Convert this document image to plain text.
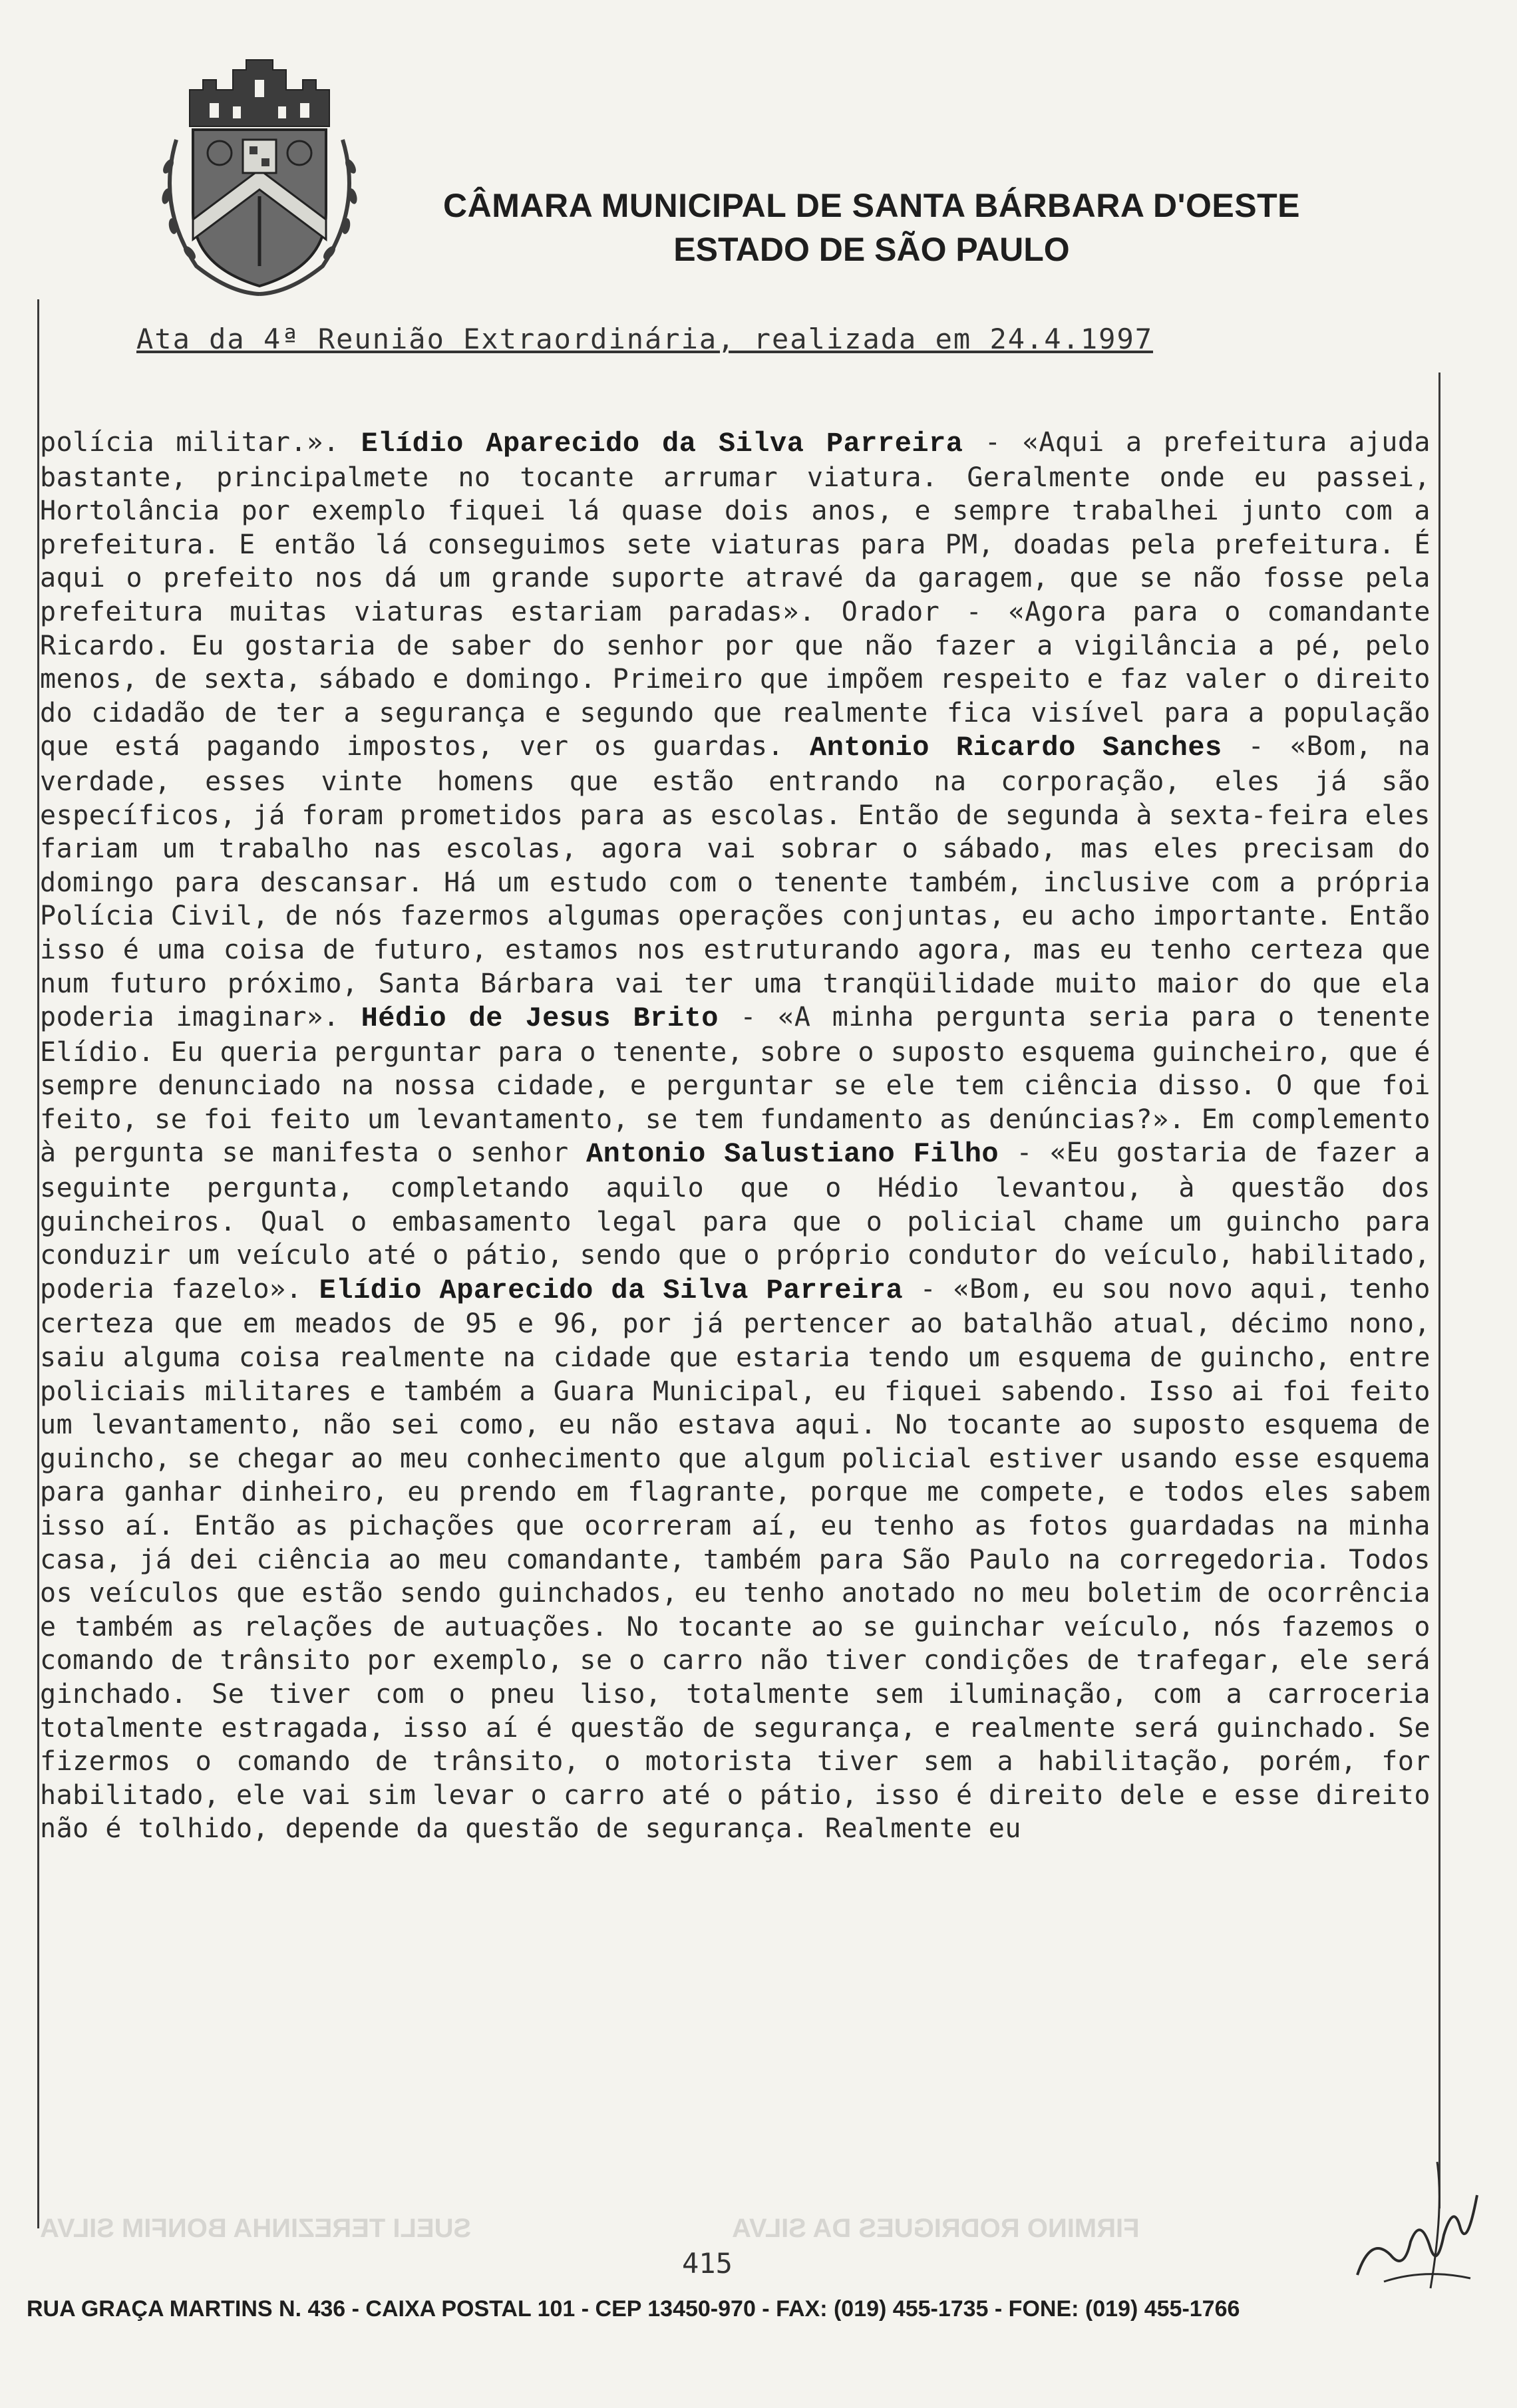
CÂMARA MUNICIPAL DE SANTA BÁRBARA D'OESTE
ESTADO DE SÃO PAULO
Ata da 4ª Reunião Extraordinária, realizada em 24.4.1997
polícia militar.». Elídio Aparecido da Silva Parreira - «Aqui a prefeitura ajuda bastante, principalmete no tocante arrumar viatura. Geralmente onde eu passei, Hortolância por exemplo fiquei lá quase dois anos, e sempre trabalhei junto com a prefeitura. E então lá conseguimos sete viaturas para PM, doadas pela prefeitura. É aqui o prefeito nos dá um grande suporte atravé da garagem, que se não fosse pela prefeitura muitas viaturas estariam paradas». Orador - «Agora para o comandante Ricardo. Eu gostaria de saber do senhor por que não fazer a vigilância a pé, pelo menos, de sexta, sábado e domingo. Primeiro que impõem respeito e faz valer o direito do cidadão de ter a segurança e segundo que realmente fica visível para a população que está pagando impostos, ver os guardas. Antonio Ricardo Sanches - «Bom, na verdade, esses vinte homens que estão entrando na corporação, eles já são específicos, já foram prometidos para as escolas. Então de segunda à sexta-feira eles fariam um trabalho nas escolas, agora vai sobrar o sábado, mas eles precisam do domingo para descansar. Há um estudo com o tenente também, inclusive com a própria Polícia Civil, de nós fazermos algumas operações conjuntas, eu acho importante. Então isso é uma coisa de futuro, estamos nos estruturando agora, mas eu tenho certeza que num futuro próximo, Santa Bárbara vai ter uma tranqüilidade muito maior do que ela poderia imaginar». Hédio de Jesus Brito - «A minha pergunta seria para o tenente Elídio. Eu queria perguntar para o tenente, sobre o suposto esquema guincheiro, que é sempre denunciado na nossa cidade, e perguntar se ele tem ciência disso. O que foi feito, se foi feito um levantamento, se tem fundamento as denúncias?». Em complemento à pergunta se manifesta o senhor Antonio Salustiano Filho - «Eu gostaria de fazer a seguinte pergunta, completando aquilo que o Hédio levantou, à questão dos guincheiros. Qual o embasamento legal para que o policial chame um guincho para conduzir um veículo até o pátio, sendo que o próprio condutor do veículo, habilitado, poderia fazelo». Elídio Aparecido da Silva Parreira - «Bom, eu sou novo aqui, tenho certeza que em meados de 95 e 96, por já pertencer ao batalhão atual, décimo nono, saiu alguma coisa realmente na cidade que estaria tendo um esquema de guincho, entre policiais militares e também a Guara Municipal, eu fiquei sabendo. Isso ai foi feito um levantamento, não sei como, eu não estava aqui. No tocante ao suposto esquema de guincho, se chegar ao meu conhecimento que algum policial estiver usando esse esquema para ganhar dinheiro, eu prendo em flagrante, porque me compete, e todos eles sabem isso aí. Então as pichações que ocorreram aí, eu tenho as fotos guardadas na minha casa, já dei ciência ao meu comandante, também para São Paulo na corregedoria. Todos os veículos que estão sendo guinchados, eu tenho anotado no meu boletim de ocorrência e também as relações de autuações. No tocante ao se guinchar veículo, nós fazemos o comando de trânsito por exemplo, se o carro não tiver condições de trafegar, ele será ginchado. Se tiver com o pneu liso, totalmente sem iluminação, com a carroceria totalmente estragada, isso aí é questão de segurança, e realmente será guinchado. Se fizermos o comando de trânsito, o motorista tiver sem a habilitação, porém, for habilitado, ele vai sim levar o carro até o pátio, isso é direito dele e esse direito não é tolhido, depende da questão de segurança. Realmente eu
FIRMINO RODRIGUES DA SILVA
SUELI TEREZINHA BONFIM SILVA
415
RUA GRAÇA MARTINS N. 436 - CAIXA POSTAL 101 - CEP 13450-970 - FAX: (019) 455-1735 - FONE: (019) 455-1766
